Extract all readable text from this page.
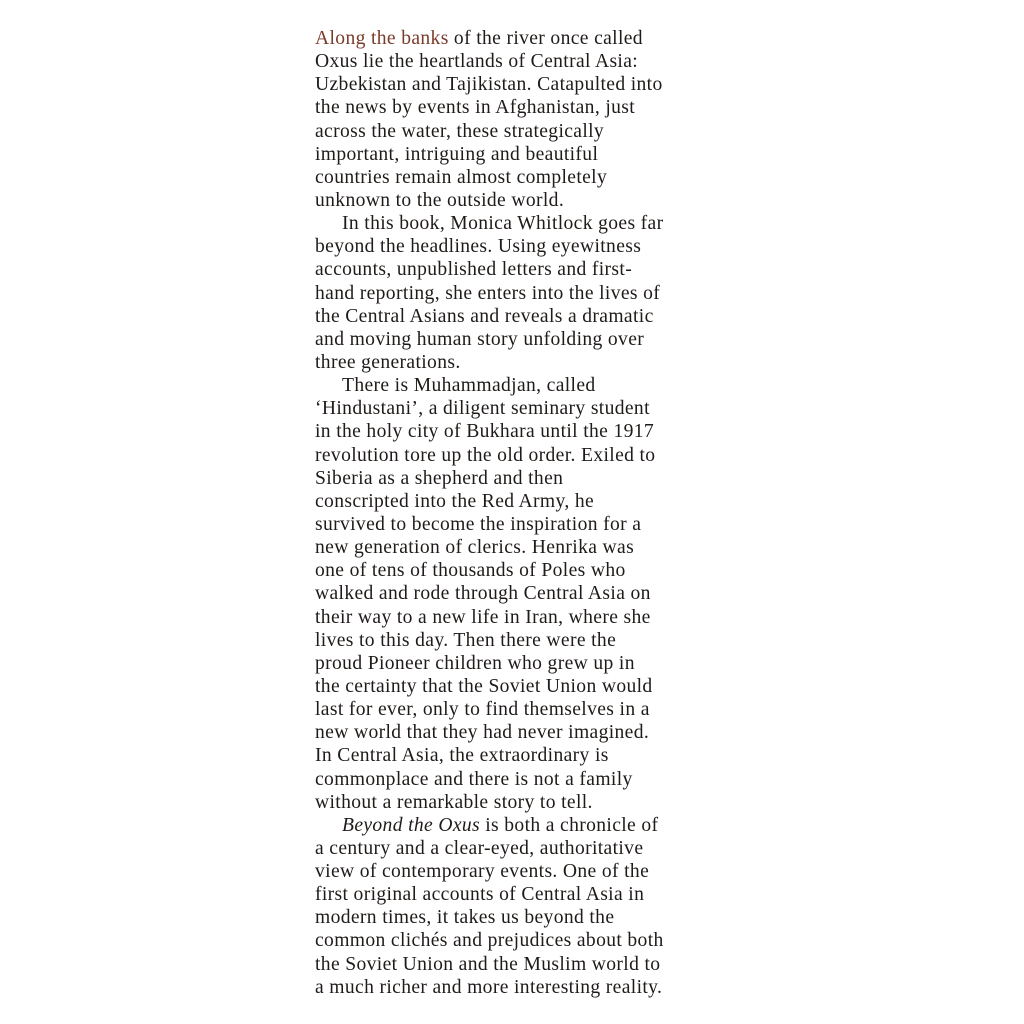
Along the banks of the river once called
Oxus lie the heartlands of Central Asia:
Uzbekistan and Tajikistan. Catapulted into
the news by events in Afghanistan, just
across the water, these strategically
important, intriguing and beautiful
countries remain almost completely
unknown to the outside world.
In this book, Monica Whitlock goes far
beyond the headlines. Using eyewitness
accounts, unpublished letters and first-
hand reporting, she enters into the lives of
the Central Asians and reveals a dramatic
and moving human story unfolding over
three generations.
There is Muhammadjan, called
‘Hindustani’, a diligent seminary student
in the holy city of Bukhara until the 1917
revolution tore up the old order. Exiled to
Siberia as a shepherd and then
conscripted into the Red Army, he
survived to become the inspiration for a
new generation of clerics. Henrika was
one of tens of thousands of Poles who
walked and rode through Central Asia on
their way to a new life in Iran, where she
lives to this day. Then there were the
proud Pioneer children who grew up in
the certainty that the Soviet Union would
last for ever, only to find themselves in a
new world that they had never imagined.
In Central Asia, the extraordinary is
commonplace and there is not a family
without a remarkable story to tell.
Beyond the Oxus is both a chronicle of
a century and a clear-eyed, authoritative
view of contemporary events. One of the
first original accounts of Central Asia in
modern times, it takes us beyond the
common clichés and prejudices about both
the Soviet Union and the Muslim world to
a much richer and more interesting reality.
